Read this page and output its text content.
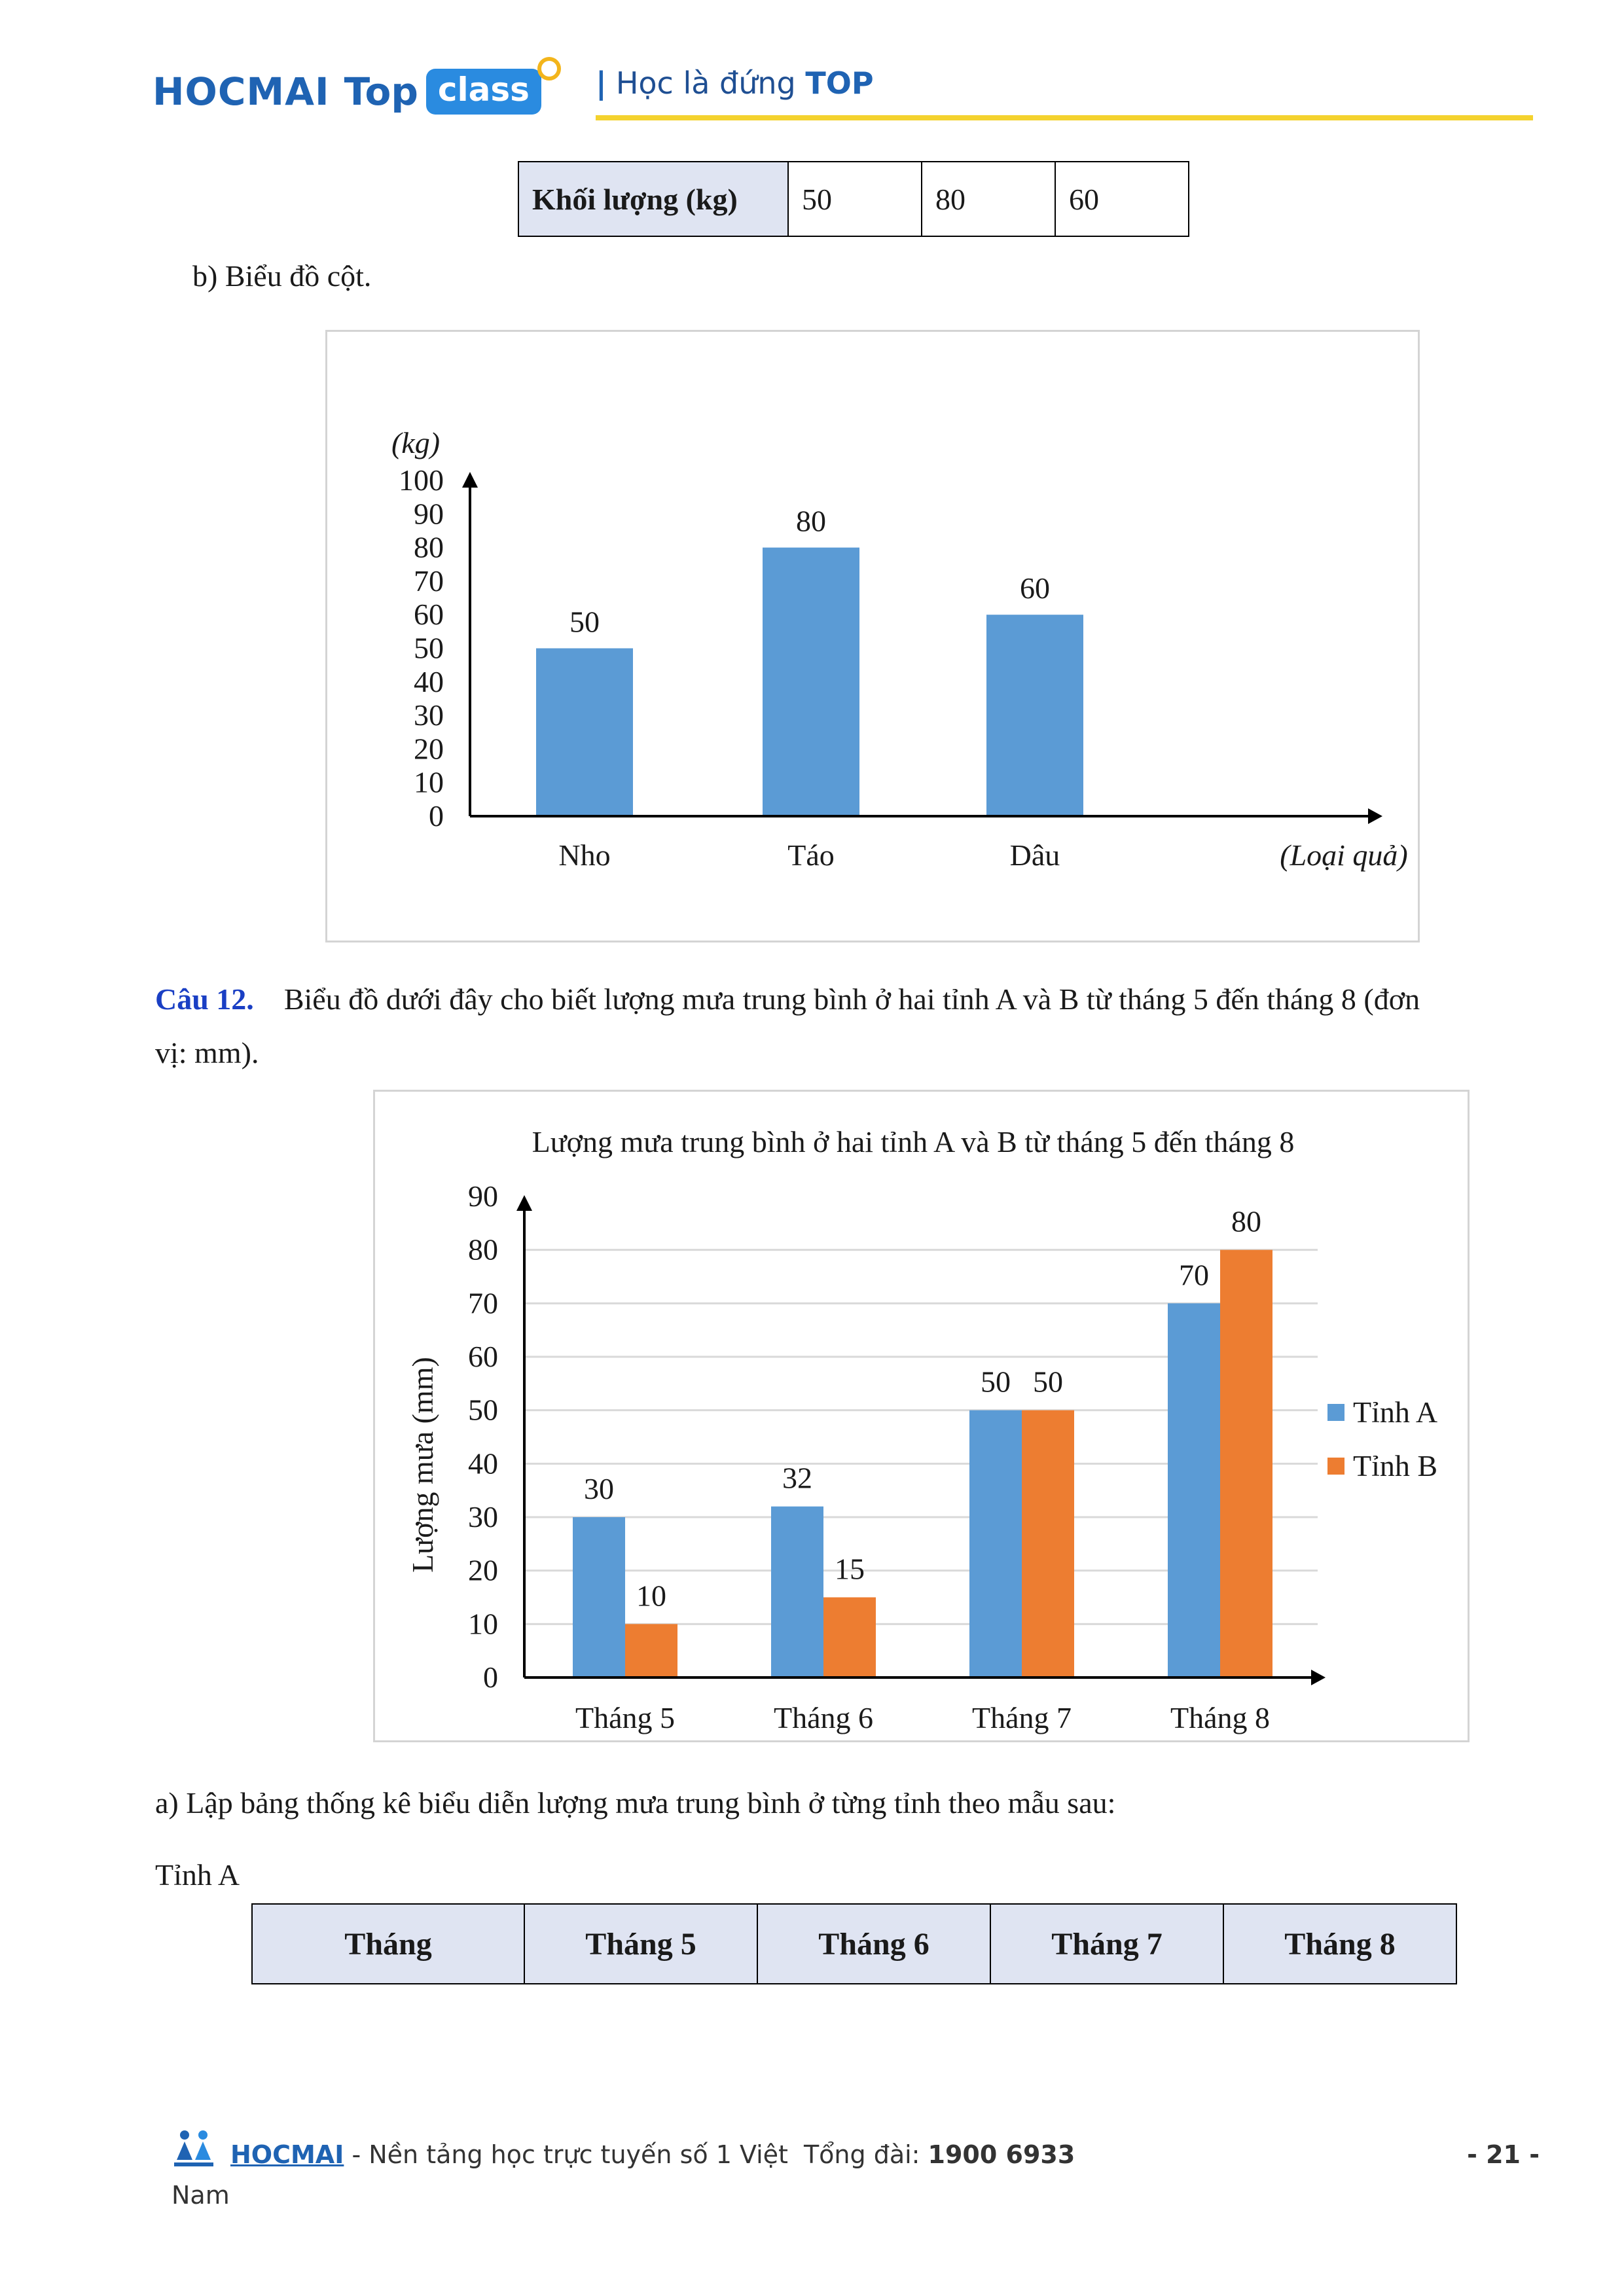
HOCMAI Top class	| Học là đứng TOP
Khối lượng (kg)	50	80	60
b) Biểu đồ cột.
(kg)
(Loại quả)
0
10
20
30
40
50
60
70
80
90
100
50
80
60
Nho	Táo	Dâu
Câu 12. Biểu đồ dưới đây cho biết lượng mưa trung bình ở hai tỉnh A và B từ tháng 5 đến tháng 8 (đơn
vị: mm).
Lượng mưa trung bình ở hai tỉnh A và B từ tháng 5 đến tháng 8
Lượng mưa (mm)
0
10
20
30
40
50
60
70
80
90
30
10
32
15
50 50
70
80
Tháng 5	Tháng 6	Tháng 7	Tháng 8
Tỉnh A
Tỉnh B
a) Lập bảng thống kê biểu diễn lượng mưa trung bình ở từng tỉnh theo mẫu sau:
Tỉnh A
Tháng	Tháng 5	Tháng 6	Tháng 7	Tháng 8
HOCMAI - Nền tảng học trực tuyến số 1 Việt Tổng đài: 1900 6933
Nam
- 21 -
